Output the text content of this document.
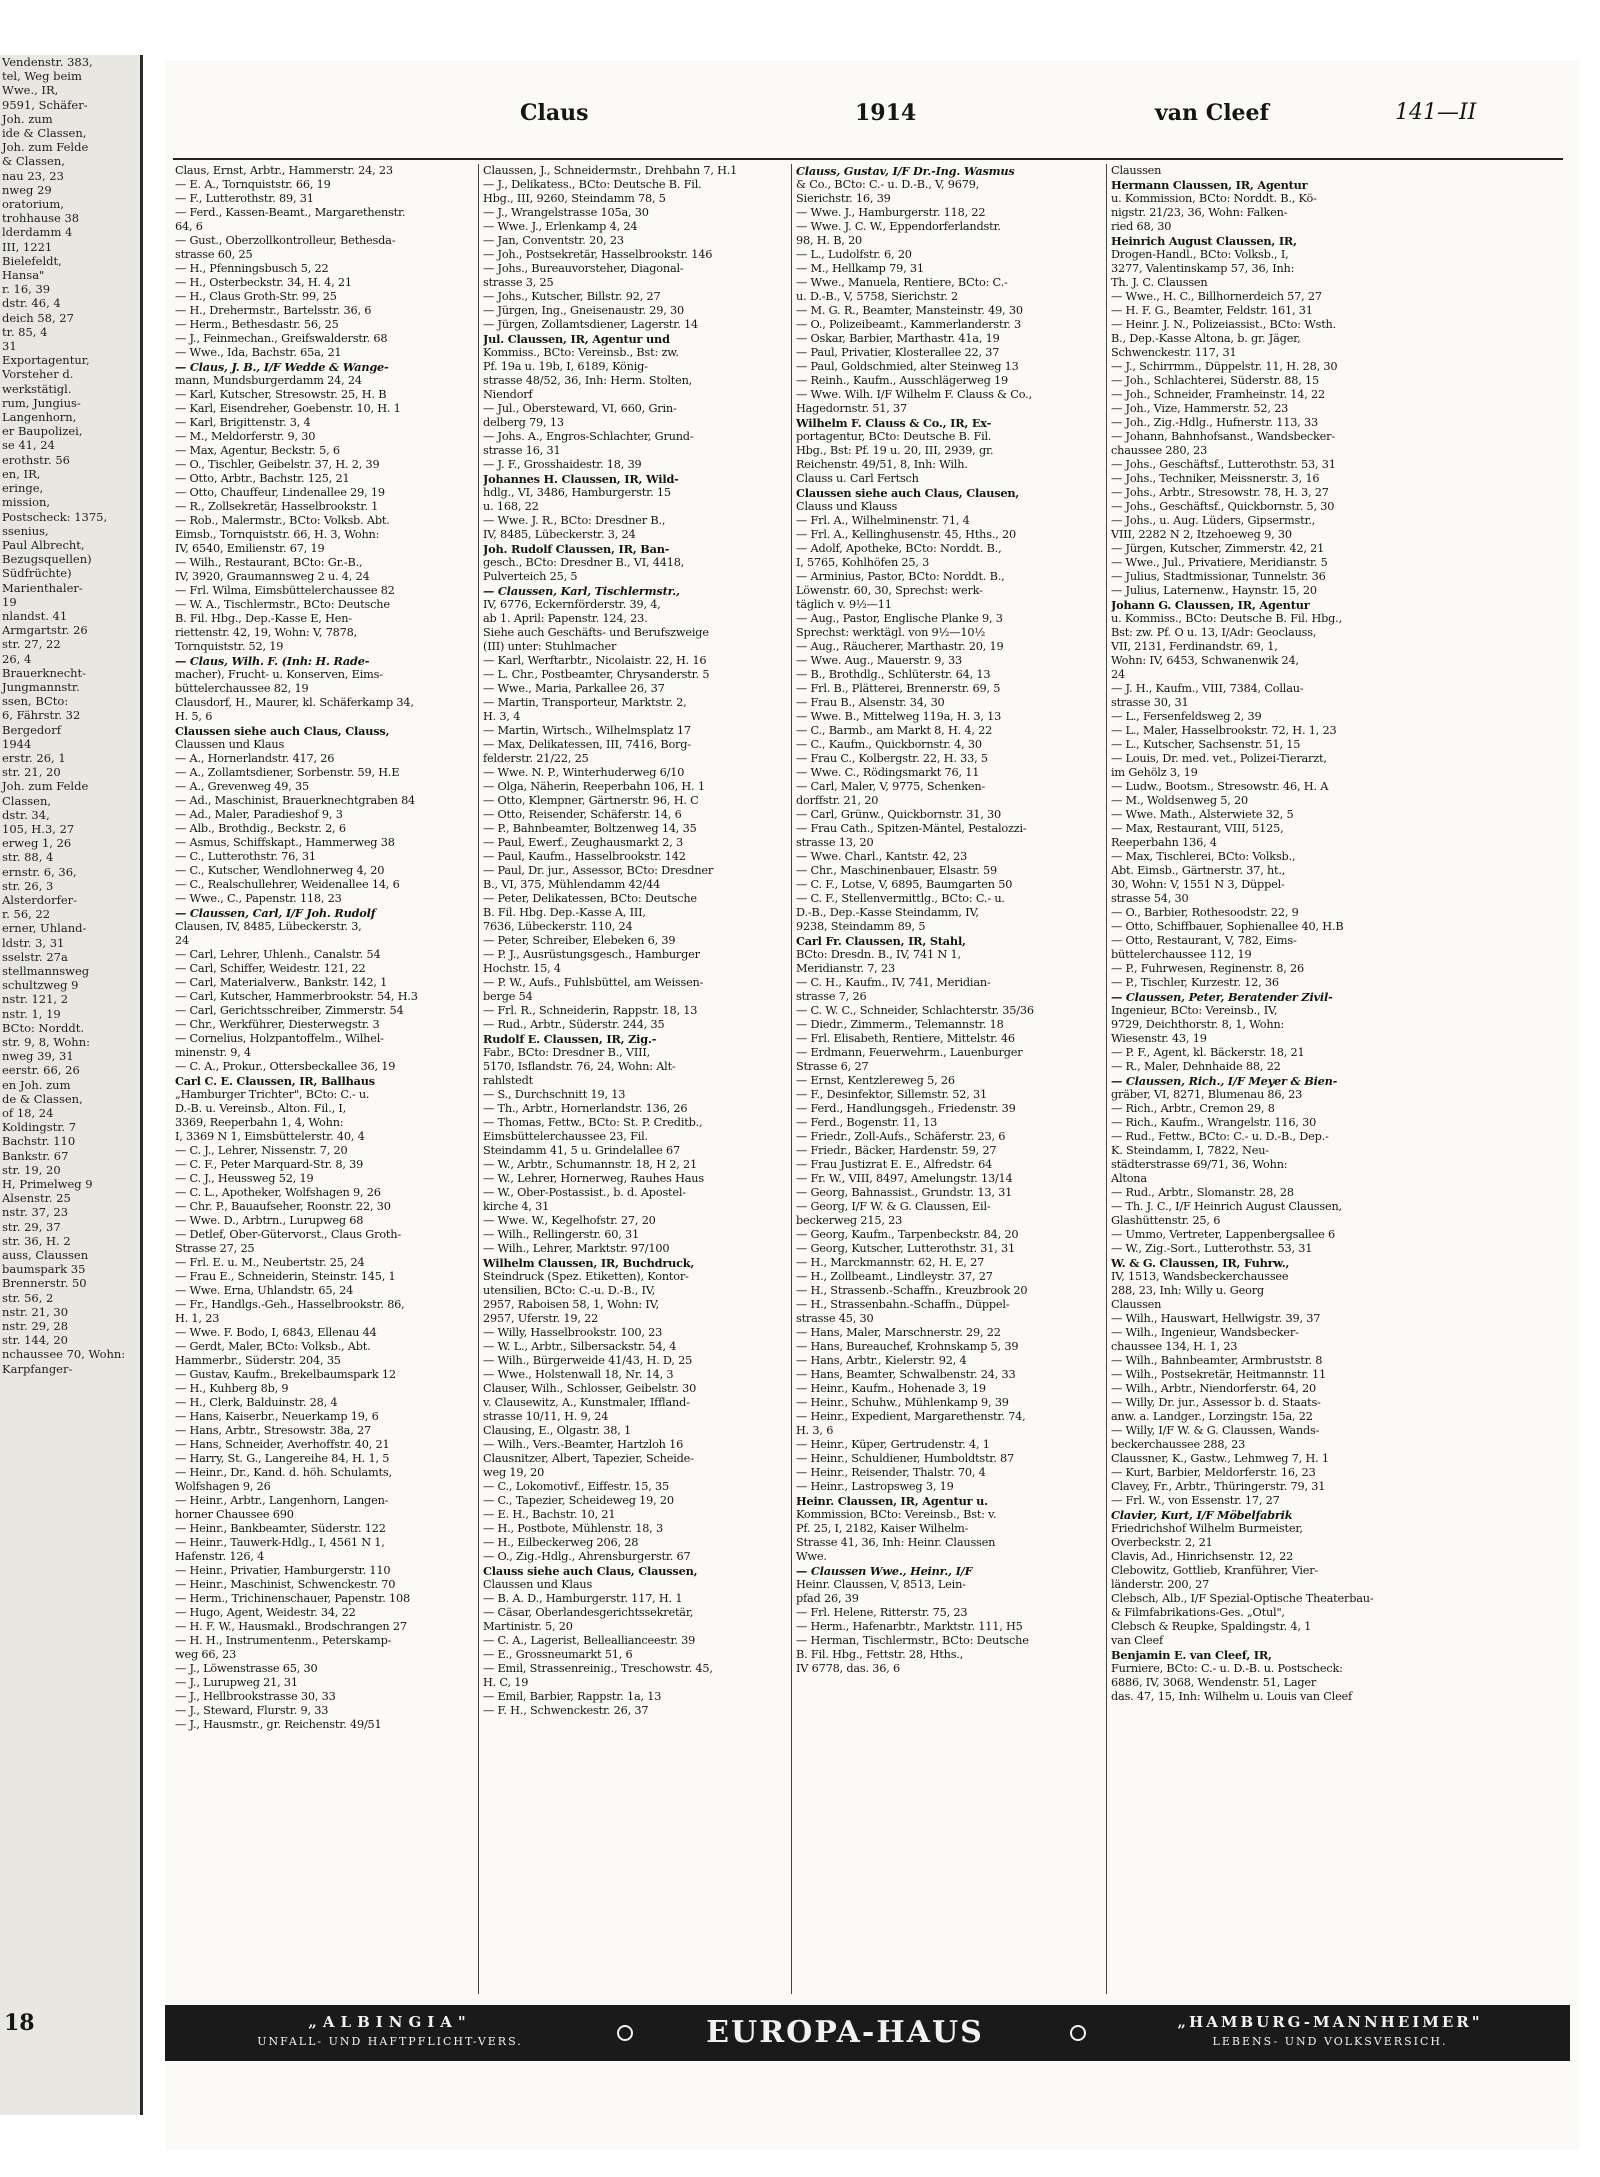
Vendenstr. 383,
tel, Weg beim
Wwe., IR,
9591, Schäfer-
Joh. zum
ide & Classen,
Joh. zum Felde
& Classen,
nau 23, 23
nweg 29
oratorium,
trohhause 38
lderdamm 4
III, 1221
Bielefeldt,
Hansa"
r. 16, 39
dstr. 46, 4
deich 58, 27
tr. 85, 4
31
Exportagentur,
Vorsteher d.
werkstätigl.
rum, Jungius-
Langenhorn,
er Baupolizei,
se 41, 24
erothstr. 56
en, IR,
eringe,
mission,
Postscheck: 1375,
ssenius,
Paul Albrecht,
Bezugsquellen)
Südfrüchte)
Marienthaler-
19
nlandst. 41
Armgartstr. 26
str. 27, 22
26, 4
Brauerknecht-
Jungmannstr.
ssen, BCto:
6, Fährstr. 32
Bergedorf
1944
erstr. 26, 1
str. 21, 20
Joh. zum Felde
Classen,
dstr. 34,
105, H.3, 27
erweg 1, 26
str. 88, 4
ernstr. 6, 36,
str. 26, 3
Alsterdorfer-
r. 56, 22
erner, Uhland-
ldstr. 3, 31
sselstr. 27a
stellmannsweg
schultzweg 9
nstr. 121, 2
nstr. 1, 19
BCto: Norddt.
str. 9, 8, Wohn:
nweg 39, 31
eerstr. 66, 26
en Joh. zum
de & Classen,
of 18, 24
Koldingstr. 7
Bachstr. 110
Bankstr. 67
str. 19, 20
H, Primelweg 9
Alsenstr. 25
nstr. 37, 23
str. 29, 37
str. 36, H. 2
auss, Claussen
baumspark 35
Brennerstr. 50
str. 56, 2
nstr. 21, 30
nstr. 29, 28
str. 144, 20
nchaussee 70, Wohn:
Karpfanger-
18
Claus	1914	van Cleef	141—II
Claus, Ernst, Arbtr., Hammerstr. 24, 23
— E. A., Tornquiststr. 66, 19
— F., Lutterothstr. 89, 31
— Ferd., Kassen-Beamt., Margarethenstr.
64, 6
— Gust., Oberzollkontrolleur, Bethesda-
strasse 60, 25
— H., Pfenningsbusch 5, 22
— H., Osterbeckstr. 34, H. 4, 21
— H., Claus Groth-Str. 99, 25
— H., Drehermstr., Bartelsstr. 36, 6
— Herm., Bethesdastr. 56, 25
— J., Feinmechan., Greifswalderstr. 68
— Wwe., Ida, Bachstr. 65a, 21
— Claus, J. B., I/F Wedde & Wange-
mann, Mundsburgerdamm 24, 24
— Karl, Kutscher, Stresowstr. 25, H. B
— Karl, Eisendreher, Goebenstr. 10, H. 1
— Karl, Brigittenstr. 3, 4
— M., Meldorferstr. 9, 30
— Max, Agentur, Beckstr. 5, 6
— O., Tischler, Geibelstr. 37, H. 2, 39
— Otto, Arbtr., Bachstr. 125, 21
— Otto, Chauffeur, Lindenallee 29, 19
— R., Zollsekretär, Hasselbrookstr. 1
— Rob., Malermstr., BCto: Volksb. Abt.
Eimsb., Tornquiststr. 66, H. 3, Wohn:
IV, 6540, Emilienstr. 67, 19
— Wilh., Restaurant, BCto: Gr.-B.,
IV, 3920, Graumannsweg 2 u. 4, 24
— Frl. Wilma, Eimsbüttelerchaussee 82
— W. A., Tischlermstr., BCto: Deutsche
B. Fil. Hbg., Dep.-Kasse E, Hen-
riettenstr. 42, 19, Wohn: V, 7878,
Tornquiststr. 52, 19
— Claus, Wilh. F. (Inh: H. Rade-
macher), Frucht- u. Konserven, Eims-
büttelerchaussee 82, 19
Clausdorf, H., Maurer, kl. Schäferkamp 34,
H. 5, 6
Claussen siehe auch Claus, Clauss,
Claussen und Klaus
— A., Hornerlandstr. 417, 26
— A., Zollamtsdiener, Sorbenstr. 59, H.E
— A., Grevenweg 49, 35
— Ad., Maschinist, Brauerknechtgraben 84
— Ad., Maler, Paradieshof 9, 3
— Alb., Brothdig., Beckstr. 2, 6
— Asmus, Schiffskapt., Hammerweg 38
— C., Lutterothstr. 76, 31
— C., Kutscher, Wendlohnerweg 4, 20
— C., Realschullehrer, Weidenallee 14, 6
— Wwe., C., Papenstr. 118, 23
— Claussen, Carl, I/F Joh. Rudolf
Clausen, IV, 8485, Lübeckerstr. 3,
24
— Carl, Lehrer, Uhlenh., Canalstr. 54
— Carl, Schiffer, Weidestr. 121, 22
— Carl, Materialverw., Bankstr. 142, 1
— Carl, Kutscher, Hammerbrookstr. 54, H.3
— Carl, Gerichtsschreiber, Zimmerstr. 54
— Chr., Werkführer, Diesterwegstr. 3
— Cornelius, Holzpantoffelm., Wilhel-
minenstr. 9, 4
— C. A., Prokur., Ottersbeckallee 36, 19
Carl C. E. Claussen, IR, Ballhaus
„Hamburger Trichter", BCto: C.- u.
D.-B. u. Vereinsb., Alton. Fil., I,
3369, Reeperbahn 1, 4, Wohn:
I, 3369 N 1, Eimsbüttelerstr. 40, 4
— C. J., Lehrer, Nissenstr. 7, 20
— C. F., Peter Marquard-Str. 8, 39
— C. J., Heussweg 52, 19
— C. L., Apotheker, Wolfshagen 9, 26
— Chr. P., Bauaufseher, Roonstr. 22, 30
— Wwe. D., Arbtrn., Lurupweg 68
— Detlef, Ober-Gütervorst., Claus Groth-
Strasse 27, 25
— Frl. E. u. M., Neubertstr. 25, 24
— Frau E., Schneiderin, Steinstr. 145, 1
— Wwe. Erna, Uhlandstr. 65, 24
— Fr., Handlgs.-Geh., Hasselbrookstr. 86,
H. 1, 23
— Wwe. F. Bodo, I, 6843, Ellenau 44
— Gerdt, Maler, BCto: Volksb., Abt.
Hammerbr., Süderstr. 204, 35
— Gustav, Kaufm., Brekelbaumspark 12
— H., Kuhberg 8b, 9
— H., Clerk, Balduinstr. 28, 4
— Hans, Kaiserbr., Neuerkamp 19, 6
— Hans, Arbtr., Stresowstr. 38a, 27
— Hans, Schneider, Averhoffstr. 40, 21
— Harry, St. G., Langereihe 84, H. 1, 5
— Heinr., Dr., Kand. d. höh. Schulamts,
Wolfshagen 9, 26
— Heinr., Arbtr., Langenhorn, Langen-
horner Chaussee 690
— Heinr., Bankbeamter, Süderstr. 122
— Heinr., Tauwerk-Hdlg., I, 4561 N 1,
Hafenstr. 126, 4
— Heinr., Privatier, Hamburgerstr. 110
— Heinr., Maschinist, Schwenckestr. 70
— Herm., Trichinenschauer, Papenstr. 108
— Hugo, Agent, Weidestr. 34, 22
— H. F. W., Hausmakl., Brodschrangen 27
— H. H., Instrumentenm., Peterskamp-
weg 66, 23
— J., Löwenstrasse 65, 30
— J., Lurupweg 21, 31
— J., Hellbrookstrasse 30, 33
— J., Steward, Flurstr. 9, 33
— J., Hausmstr., gr. Reichenstr. 49/51
Claussen, J., Schneidermstr., Drehbahn 7, H.1
— J., Delikatess., BCto: Deutsche B. Fil.
Hbg., III, 9260, Steindamm 78, 5
— J., Wrangelstrasse 105a, 30
— Wwe. J., Erlenkamp 4, 24
— Jan, Conventstr. 20, 23
— Joh., Postsekretär, Hasselbrookstr. 146
— Johs., Bureauvorsteher, Diagonal-
strasse 3, 25
— Johs., Kutscher, Billstr. 92, 27
— Jürgen, Ing., Gneisenaustr. 29, 30
— Jürgen, Zollamtsdiener, Lagerstr. 14
Jul. Claussen, IR, Agentur und
Kommiss., BCto: Vereinsb., Bst: zw.
Pf. 19a u. 19b, I, 6189, König-
strasse 48/52, 36, Inh: Herm. Stolten,
Niendorf
— Jul., Obersteward, VI, 660, Grin-
delberg 79, 13
— Johs. A., Engros-Schlachter, Grund-
strasse 16, 31
— J. F., Grosshaidestr. 18, 39
Johannes H. Claussen, IR, Wild-
hdlg., VI, 3486, Hamburgerstr. 15
u. 168, 22
— Wwe. J. R., BCto: Dresdner B.,
IV, 8485, Lübeckerstr. 3, 24
Joh. Rudolf Claussen, IR, Ban-
gesch., BCto: Dresdner B., VI, 4418,
Pulverteich 25, 5
— Claussen, Karl, Tischlermstr.,
IV, 6776, Eckernförderstr. 39, 4,
ab 1. April: Papenstr. 124, 23.
Siehe auch Geschäfts- und Berufszweige
(III) unter: Stuhlmacher
— Karl, Werftarbtr., Nicolaistr. 22, H. 16
— L. Chr., Postbeamter, Chrysanderstr. 5
— Wwe., Maria, Parkallee 26, 37
— Martin, Transporteur, Marktstr. 2,
H. 3, 4
— Martin, Wirtsch., Wilhelmsplatz 17
— Max, Delikatessen, III, 7416, Borg-
felderstr. 21/22, 25
— Wwe. N. P., Winterhuderweg 6/10
— Olga, Näherin, Reeperbahn 106, H. 1
— Otto, Klempner, Gärtnerstr. 96, H. C
— Otto, Reisender, Schäferstr. 14, 6
— P., Bahnbeamter, Boltzenweg 14, 35
— Paul, Ewerf., Zeughausmarkt 2, 3
— Paul, Kaufm., Hasselbrookstr. 142
— Paul, Dr. jur., Assessor, BCto: Dresdner
B., VI, 375, Mühlendamm 42/44
— Peter, Delikatessen, BCto: Deutsche
B. Fil. Hbg. Dep.-Kasse A, III,
7636, Lübeckerstr. 110, 24
— Peter, Schreiber, Elebeken 6, 39
— P. J., Ausrüstungsgesch., Hamburger
Hochstr. 15, 4
— P. W., Aufs., Fuhlsbüttel, am Weissen-
berge 54
— Frl. R., Schneiderin, Rappstr. 18, 13
— Rud., Arbtr., Süderstr. 244, 35
Rudolf E. Claussen, IR, Zig.-
Fabr., BCto: Dresdner B., VIII,
5170, Isflandstr. 76, 24, Wohn: Alt-
rahlstedt
— S., Durchschnitt 19, 13
— Th., Arbtr., Hornerlandstr. 136, 26
— Thomas, Fettw., BCto: St. P. Creditb.,
Eimsbüttelerchaussee 23, Fil.
Steindamm 41, 5 u. Grindelallee 67
— W., Arbtr., Schumannstr. 18, H 2, 21
— W., Lehrer, Hornerweg, Rauhes Haus
— W., Ober-Postassist., b. d. Apostel-
kirche 4, 31
— Wwe. W., Kegelhofstr. 27, 20
— Wilh., Rellingerstr. 60, 31
— Wilh., Lehrer, Marktstr. 97/100
Wilhelm Claussen, IR, Buchdruck,
Steindruck (Spez. Etiketten), Kontor-
utensilien, BCto: C.-u. D.-B., IV,
2957, Raboisen 58, 1, Wohn: IV,
2957, Uferstr. 19, 22
— Willy, Hasselbrookstr. 100, 23
— W. L., Arbtr., Silbersackstr. 54, 4
— Wilh., Bürgerweide 41/43, H. D, 25
— Wwe., Holstenwall 18, Nr. 14, 3
Clauser, Wilh., Schlosser, Geibelstr. 30
v. Clausewitz, A., Kunstmaler, Iffland-
strasse 10/11, H. 9, 24
Clausing, E., Olgastr. 38, 1
— Wilh., Vers.-Beamter, Hartzloh 16
Clausnitzer, Albert, Tapezier, Scheide-
weg 19, 20
— C., Lokomotivf., Eiffestr. 15, 35
— C., Tapezier, Scheideweg 19, 20
— E. H., Bachstr. 10, 21
— H., Postbote, Mühlenstr. 18, 3
— H., Eilbeckerweg 206, 28
— O., Zig.-Hdlg., Ahrensburgerstr. 67
Clauss siehe auch Claus, Claussen,
Claussen und Klaus
— B. A. D., Hamburgerstr. 117, H. 1
— Cäsar, Oberlandesgerichtssekretär,
Martinistr. 5, 20
— C. A., Lagerist, Belleallianceestr. 39
— E., Grossneumarkt 51, 6
— Emil, Strassenreinig., Treschowstr. 45,
H. C, 19
— Emil, Barbier, Rappstr. 1a, 13
— F. H., Schwenckestr. 26, 37
Clauss, Gustav, I/F Dr.-Ing. Wasmus
& Co., BCto: C.- u. D.-B., V, 9679,
Sierichstr. 16, 39
— Wwe. J., Hamburgerstr. 118, 22
— Wwe. J. C. W., Eppendorferlandstr.
98, H. B, 20
— L., Ludolfstr. 6, 20
— M., Hellkamp 79, 31
— Wwe., Manuela, Rentiere, BCto: C.-
u. D.-B., V, 5758, Sierichstr. 2
— M. G. R., Beamter, Mansteinstr. 49, 30
— O., Polizeibeamt., Kammerlanderstr. 3
— Oskar, Barbier, Marthastr. 41a, 19
— Paul, Privatier, Klosterallee 22, 37
— Paul, Goldschmied, alter Steinweg 13
— Reinh., Kaufm., Ausschlägerweg 19
— Wwe. Wilh. I/F Wilhelm F. Clauss & Co.,
Hagedornstr. 51, 37
Wilhelm F. Clauss & Co., IR, Ex-
portagentur, BCto: Deutsche B. Fil.
Hbg., Bst: Pf. 19 u. 20, III, 2939, gr.
Reichenstr. 49/51, 8, Inh: Wilh.
Clauss u. Carl Fertsch
Claussen siehe auch Claus, Clausen,
Clauss und Klauss
— Frl. A., Wilhelminenstr. 71, 4
— Frl. A., Kellinghusenstr. 45, Hths., 20
— Adolf, Apotheke, BCto: Norddt. B.,
I, 5765, Kohlhöfen 25, 3
— Arminius, Pastor, BCto: Norddt. B.,
Löwenstr. 60, 30, Sprechst: werk-
täglich v. 9½—11
— Aug., Pastor, Englische Planke 9, 3
Sprechst: werktägl. von 9½—10½
— Aug., Räucherer, Marthastr. 20, 19
— Wwe. Aug., Mauerstr. 9, 33
— B., Brothdlg., Schlüterstr. 64, 13
— Frl. B., Plätterei, Brennerstr. 69, 5
— Frau B., Alsenstr. 34, 30
— Wwe. B., Mittelweg 119a, H. 3, 13
— C., Barmb., am Markt 8, H. 4, 22
— C., Kaufm., Quickbornstr. 4, 30
— Frau C., Kolbergstr. 22, H. 33, 5
— Wwe. C., Rödingsmarkt 76, 11
— Carl, Maler, V, 9775, Schenken-
dorffstr. 21, 20
— Carl, Grünw., Quickbornstr. 31, 30
— Frau Cath., Spitzen-Mäntel, Pestalozzi-
strasse 13, 20
— Wwe. Charl., Kantstr. 42, 23
— Chr., Maschinenbauer, Elsastr. 59
— C. F., Lotse, V, 6895, Baumgarten 50
— C. F., Stellenvermittlg., BCto: C.- u.
D.-B., Dep.-Kasse Steindamm, IV,
9238, Steindamm 89, 5
Carl Fr. Claussen, IR, Stahl,
BCto: Dresdn. B., IV, 741 N 1,
Meridianstr. 7, 23
— C. H., Kaufm., IV, 741, Meridian-
strasse 7, 26
— C. W. C., Schneider, Schlachterstr. 35/36
— Diedr., Zimmerm., Telemannstr. 18
— Frl. Elisabeth, Rentiere, Mittelstr. 46
— Erdmann, Feuerwehrm., Lauenburger
Strasse 6, 27
— Ernst, Kentzlereweg 5, 26
— F., Desinfektor, Sillemstr. 52, 31
— Ferd., Handlungsgeh., Friedenstr. 39
— Ferd., Bogenstr. 11, 13
— Friedr., Zoll-Aufs., Schäferstr. 23, 6
— Friedr., Bäcker, Hardenstr. 59, 27
— Frau Justizrat E. E., Alfredstr. 64
— Fr. W., VIII, 8497, Amelungstr. 13/14
— Georg, Bahnassist., Grundstr. 13, 31
— Georg, I/F W. & G. Claussen, Eil-
beckerweg 215, 23
— Georg, Kaufm., Tarpenbeckstr. 84, 20
— Georg, Kutscher, Lutterothstr. 31, 31
— H., Marckmannstr. 62, H. E, 27
— H., Zollbeamt., Lindleystr. 37, 27
— H., Strassenb.-Schaffn., Kreuzbrook 20
— H., Strassenbahn.-Schaffn., Düppel-
strasse 45, 30
— Hans, Maler, Marschnerstr. 29, 22
— Hans, Bureauchef, Krohnskamp 5, 39
— Hans, Arbtr., Kielerstr. 92, 4
— Hans, Beamter, Schwalbenstr. 24, 33
— Heinr., Kaufm., Hohenade 3, 19
— Heinr., Schuhw., Mühlenkamp 9, 39
— Heinr., Expedient, Margarethenstr. 74,
H. 3, 6
— Heinr., Küper, Gertrudenstr. 4, 1
— Heinr., Schuldiener, Humboldtstr. 87
— Heinr., Reisender, Thalstr. 70, 4
— Heinr., Lastropsweg 3, 19
Heinr. Claussen, IR, Agentur u.
Kommission, BCto: Vereinsb., Bst: v.
Pf. 25, I, 2182, Kaiser Wilhelm-
Strasse 41, 36, Inh: Heinr. Claussen
Wwe.
— Claussen Wwe., Heinr., I/F
Heinr. Claussen, V, 8513, Lein-
pfad 26, 39
— Frl. Helene, Ritterstr. 75, 23
— Herm., Hafenarbtr., Marktstr. 111, H5
— Herman, Tischlermstr., BCto: Deutsche
B. Fil. Hbg., Fettstr. 28, Hths.,
IV 6778, das. 36, 6
Claussen
Hermann Claussen, IR, Agentur
u. Kommission, BCto: Norddt. B., Kö-
nigstr. 21/23, 36, Wohn: Falken-
ried 68, 30
Heinrich August Claussen, IR,
Drogen-Handl., BCto: Volksb., I,
3277, Valentinskamp 57, 36, Inh:
Th. J. C. Claussen
— Wwe., H. C., Billhornerdeich 57, 27
— H. F. G., Beamter, Feldstr. 161, 31
— Heinr. J. N., Polizeiassist., BCto: Wsth.
B., Dep.-Kasse Altona, b. gr. Jäger,
Schwenckestr. 117, 31
— J., Schirrmm., Düppelstr. 11, H. 28, 30
— Joh., Schlachterei, Süderstr. 88, 15
— Joh., Schneider, Framheinstr. 14, 22
— Joh., Vize, Hammerstr. 52, 23
— Joh., Zig.-Hdlg., Hufnerstr. 113, 33
— Johann, Bahnhofsanst., Wandsbecker-
chaussee 280, 23
— Johs., Geschäftsf., Lutterothstr. 53, 31
— Johs., Techniker, Meissnerstr. 3, 16
— Johs., Arbtr., Stresowstr. 78, H. 3, 27
— Johs., Geschäftsf., Quickbornstr. 5, 30
— Johs., u. Aug. Lüders, Gipsermstr.,
VIII, 2282 N 2, Itzehoeweg 9, 30
— Jürgen, Kutscher, Zimmerstr. 42, 21
— Wwe., Jul., Privatiere, Meridianstr. 5
— Julius, Stadtmissionar, Tunnelstr. 36
— Julius, Laternenw., Haynstr. 15, 20
Johann G. Claussen, IR, Agentur
u. Kommiss., BCto: Deutsche B. Fil. Hbg.,
Bst: zw. Pf. O u. 13, I/Adr: Geoclauss,
VII, 2131, Ferdinandstr. 69, 1,
Wohn: IV, 6453, Schwanenwik 24,
24
— J. H., Kaufm., VIII, 7384, Collau-
strasse 30, 31
— L., Fersenfeldsweg 2, 39
— L., Maler, Hasselbrookstr. 72, H. 1, 23
— L., Kutscher, Sachsenstr. 51, 15
— Louis, Dr. med. vet., Polizei-Tierarzt,
im Gehölz 3, 19
— Ludw., Bootsm., Stresowstr. 46, H. A
— M., Woldsenweg 5, 20
— Wwe. Math., Alsterwiete 32, 5
— Max, Restaurant, VIII, 5125,
Reeperbahn 136, 4
— Max, Tischlerei, BCto: Volksb.,
Abt. Eimsb., Gärtnerstr. 37, ht.,
30, Wohn: V, 1551 N 3, Düppel-
strasse 54, 30
— O., Barbier, Rothesoodstr. 22, 9
— Otto, Schiffbauer, Sophienallee 40, H.B
— Otto, Restaurant, V, 782, Eims-
büttelerchaussee 112, 19
— P., Fuhrwesen, Reginenstr. 8, 26
— P., Tischler, Kurzestr. 12, 36
— Claussen, Peter, Beratender Zivil-
Ingenieur, BCto: Vereinsb., IV,
9729, Deichthorstr. 8, 1, Wohn:
Wiesenstr. 43, 19
— P. F., Agent, kl. Bäckerstr. 18, 21
— R., Maler, Dehnhaide 88, 22
— Claussen, Rich., I/F Meyer & Bien-
gräber, VI, 8271, Blumenau 86, 23
— Rich., Arbtr., Cremon 29, 8
— Rich., Kaufm., Wrangelstr. 116, 30
— Rud., Fettw., BCto: C.- u. D.-B., Dep.-
K. Steindamm, I, 7822, Neu-
städterstrasse 69/71, 36, Wohn:
Altona
— Rud., Arbtr., Slomanstr. 28, 28
— Th. J. C., I/F Heinrich August Claussen,
Glashüttenstr. 25, 6
— Ummo, Vertreter, Lappenbergsallee 6
— W., Zig.-Sort., Lutterothstr. 53, 31
W. & G. Claussen, IR, Fuhrw.,
IV, 1513, Wandsbeckerchaussee
288, 23, Inh: Willy u. Georg
Claussen
— Wilh., Hauswart, Hellwigstr. 39, 37
— Wilh., Ingenieur, Wandsbecker-
chaussee 134, H. 1, 23
— Wilh., Bahnbeamter, Armbruststr. 8
— Wilh., Postsekretär, Heitmannstr. 11
— Wilh., Arbtr., Niendorferstr. 64, 20
— Willy, Dr. jur., Assessor b. d. Staats-
anw. a. Landger., Lorzingstr. 15a, 22
— Willy, I/F W. & G. Claussen, Wands-
beckerchaussee 288, 23
Claussner, K., Gastw., Lehmweg 7, H. 1
— Kurt, Barbier, Meldorferstr. 16, 23
Clavey, Fr., Arbtr., Thüringerstr. 79, 31
— Frl. W., von Essenstr. 17, 27
Clavier, Kurt, I/F Möbelfabrik
Friedrichshof Wilhelm Burmeister,
Overbeckstr. 2, 21
Clavis, Ad., Hinrichsenstr. 12, 22
Clebowitz, Gottlieb, Kranführer, Vier-
länderstr. 200, 27
Clebsch, Alb., I/F Spezial-Optische Theaterbau-
& Filmfabrikations-Ges. „Otul",
Clebsch & Reupke, Spaldingstr. 4, 1
van Cleef
Benjamin E. van Cleef, IR,
Furniere, BCto: C.- u. D.-B. u. Postscheck:
6886, IV, 3068, Wendenstr. 51, Lager
das. 47, 15, Inh: Wilhelm u. Louis van Cleef
„ALBINGIA"
UNFALL- UND HAFTPFLICHT-VERS.	EUROPA-HAUS	„HAMBURG-MANNHEIMER"
LEBENS- UND VOLKSVERSICH.
